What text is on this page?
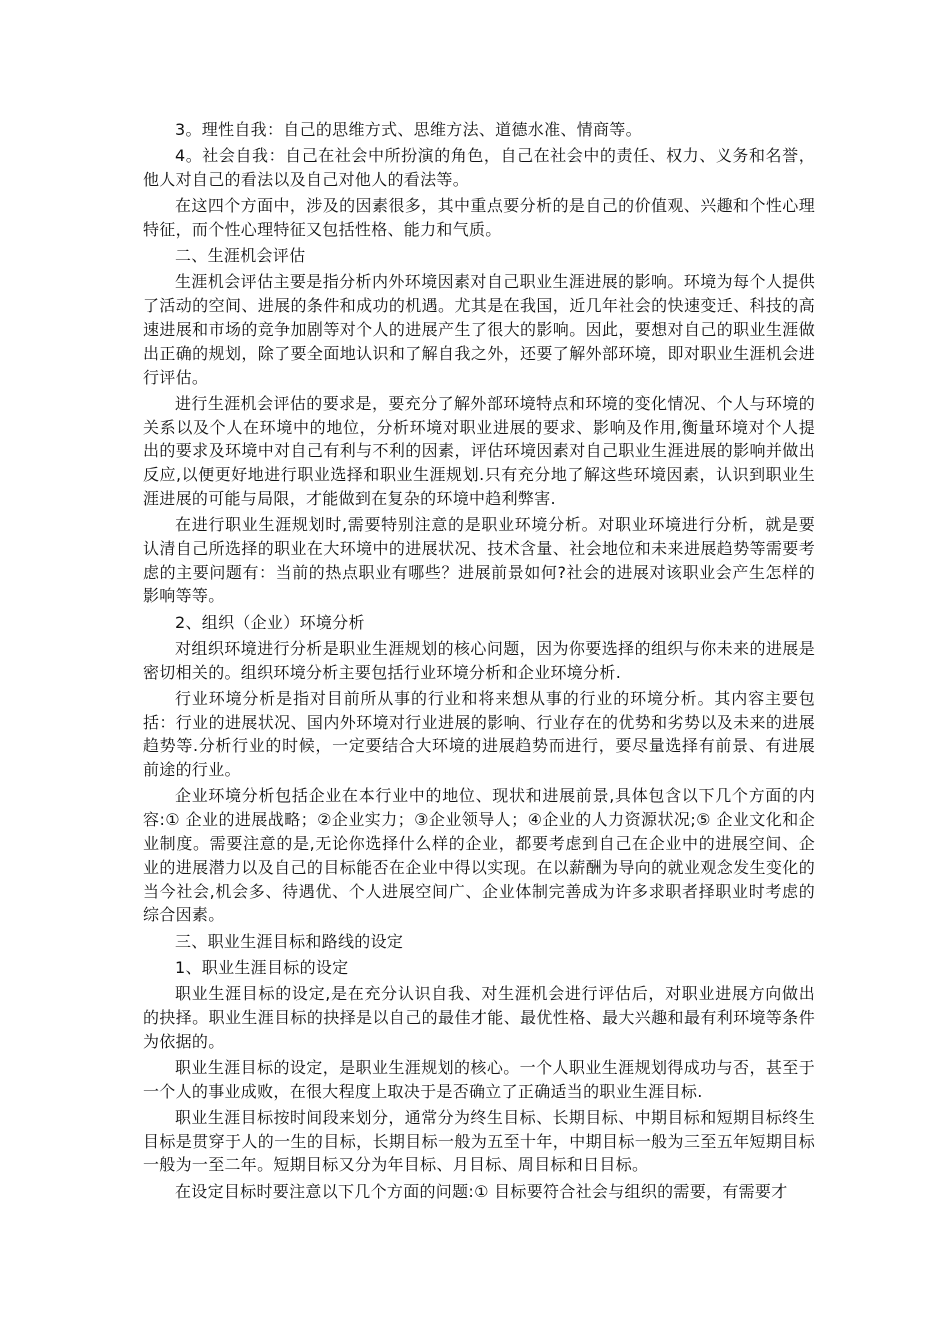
3。理性自我：自己的思维方式、思维方法、道德水准、情商等。

4。社会自我：自己在社会中所扮演的角色，自己在社会中的责任、权力、义务和名誉，他人对自己的看法以及自己对他人的看法等。

在这四个方面中，涉及的因素很多，其中重点要分析的是自己的价值观、兴趣和个性心理特征，而个性心理特征又包括性格、能力和气质。

二、生涯机会评估

生涯机会评估主要是指分析内外环境因素对自己职业生涯进展的影响。环境为每个人提供了活动的空间、进展的条件和成功的机遇。尤其是在我国，近几年社会的快速变迁、科技的高速进展和市场的竞争加剧等对个人的进展产生了很大的影响。因此，要想对自己的职业生涯做出正确的规划，除了要全面地认识和了解自我之外，还要了解外部环境，即对职业生涯机会进行评估。

进行生涯机会评估的要求是，要充分了解外部环境特点和环境的变化情况、个人与环境的关系以及个人在环境中的地位，分析环境对职业进展的要求、影响及作用,衡量环境对个人提出的要求及环境中对自己有利与不利的因素，评估环境因素对自己职业生涯进展的影响并做出反应,以便更好地进行职业选择和职业生涯规划.只有充分地了解这些环境因素，认识到职业生涯进展的可能与局限，才能做到在复杂的环境中趋利弊害.

在进行职业生涯规划时,需要特别注意的是职业环境分析。对职业环境进行分析，就是要认清自己所选择的职业在大环境中的进展状况、技术含量、社会地位和未来进展趋势等需要考虑的主要问题有：当前的热点职业有哪些？进展前景如何?社会的进展对该职业会产生怎样的影响等等。

2、组织（企业）环境分析

对组织环境进行分析是职业生涯规划的核心问题，因为你要选择的组织与你未来的进展是密切相关的。组织环境分析主要包括行业环境分析和企业环境分析.

行业环境分析是指对目前所从事的行业和将来想从事的行业的环境分析。其内容主要包括：行业的进展状况、国内外环境对行业进展的影响、行业存在的优势和劣势以及未来的进展趋势等.分析行业的时候，一定要结合大环境的进展趋势而进行，要尽量选择有前景、有进展前途的行业。

企业环境分析包括企业在本行业中的地位、现状和进展前景,具体包含以下几个方面的内容:① 企业的进展战略；②企业实力；③企业领导人；④企业的人力资源状况;⑤ 企业文化和企业制度。需要注意的是,无论你选择什么样的企业，都要考虑到自己在企业中的进展空间、企业的进展潜力以及自己的目标能否在企业中得以实现。在以薪酬为导向的就业观念发生变化的当今社会,机会多、待遇优、个人进展空间广、企业体制完善成为许多求职者择职业时考虑的综合因素。

三、职业生涯目标和路线的设定

1、职业生涯目标的设定

职业生涯目标的设定,是在充分认识自我、对生涯机会进行评估后，对职业进展方向做出的抉择。职业生涯目标的抉择是以自己的最佳才能、最优性格、最大兴趣和最有利环境等条件为依据的。

职业生涯目标的设定，是职业生涯规划的核心。一个人职业生涯规划得成功与否，甚至于一个人的事业成败，在很大程度上取决于是否确立了正确适当的职业生涯目标.

职业生涯目标按时间段来划分，通常分为终生目标、长期目标、中期目标和短期目标终生目标是贯穿于人的一生的目标，长期目标一般为五至十年，中期目标一般为三至五年短期目标一般为一至二年。短期目标又分为年目标、月目标、周目标和日目标。

在设定目标时要注意以下几个方面的问题:① 目标要符合社会与组织的需要，有需要才
